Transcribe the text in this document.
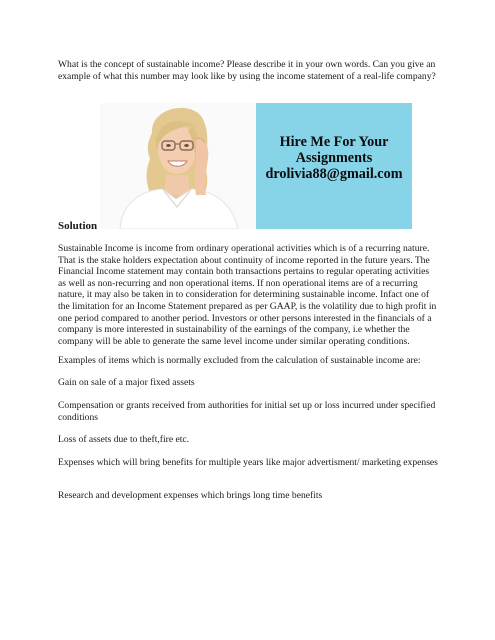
What is the concept of sustainable income? Please describe it in your own words. Can you give an example of what this number may look like by using the income statement of a real-life company?

Hire Me For Your
Assignments
drolivia88@gmail.com

Solution

Sustainable Income is income from ordinary operational activities which is of a recurring nature. That is the stake holders expectation about continuity of income reported in the future years. The Financial Income statement may contain both transactions pertains to regular operating activities as well as non-recurring and non operational items. If non operational items are of a recurring nature, it may also be taken in to consideration for determining sustainable income. Infact one of the limitation for an Income Statement prepared as per GAAP, is the volatility due to high profit in one period compared to another period. Investors or other persons interested in the financials of a company is more interested in sustainability of the earnings of the company, i.e whether the company will be able to generate the same level income under similar operating conditions.

Examples of items which is normally excluded from the calculation of sustainable income are:

Gain on sale of a major fixed assets

Compensation or grants received from authorities for initial set up or loss incurred under specified conditions

Loss of assets due to theft,fire etc.

Expenses which will bring benefits for multiple years like major advertisment/ marketing expenses

Research and development expenses which brings long time benefits
